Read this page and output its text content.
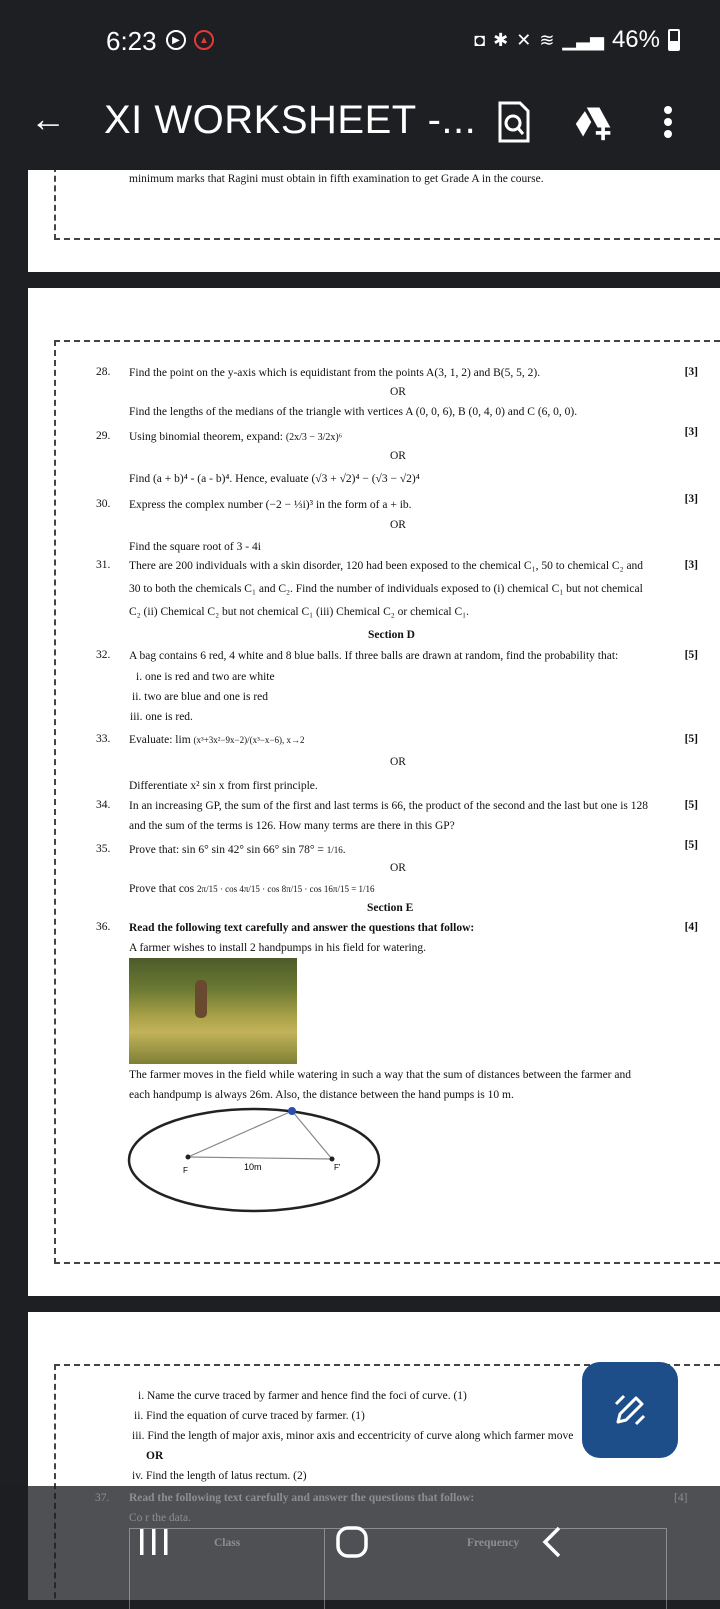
6:23	▶	▲	◘ ✱ ✕ ≋ ▁▃▅ 46%
← XI WORKSHEET -...
minimum marks that Ragini must obtain in fifth examination to get Grade A in the course.
28. Find the point on the y-axis which is equidistant from the points A(3, 1, 2) and B(5, 5, 2).	[3]
OR
Find the lengths of the medians of the triangle with vertices A (0, 0, 6), B (0, 4, 0) and C (6, 0, 0).
29. Using binomial theorem, expand: (2x/3 − 3/2x)⁶	[3]
OR
Find (a + b)⁴ - (a - b)⁴. Hence, evaluate (√3 + √2)⁴ − (√3 − √2)⁴
30. Express the complex number (−2 − ⅓i)³ in the form of a + ib.	[3]
OR
Find the square root of 3 - 4i
31. There are 200 individuals with a skin disorder, 120 had been exposed to the chemical C₁, 50 to chemical C₂ and	[3]
30 to both the chemicals C₁ and C₂. Find the number of individuals exposed to (i) chemical C₁ but not chemical
C₂ (ii) Chemical C₂ but not chemical C₁ (iii) Chemical C₂ or chemical C₁.
Section D
32. A bag contains 6 red, 4 white and 8 blue balls. If three balls are drawn at random, find the probability that:	[5]
i. one is red and two are white
ii. two are blue and one is red
iii. one is red.
33. Evaluate: lim (x³+3x²−9x−2)/(x³−x−6), x→2	[5]
OR
Differentiate x² sin x from first principle.
34. In an increasing GP, the sum of the first and last terms is 66, the product of the second and the last but one is 128	[5]
and the sum of the terms is 126. How many terms are there in this GP?
35. Prove that: sin 6° sin 42° sin 66° sin 78° = 1/16.	[5]
OR
Prove that cos 2π/15 · cos 4π/15 · cos 8π/15 · cos 16π/15 = 1/16
Section E
36. Read the following text carefully and answer the questions that follow:	[4]
A farmer wishes to install 2 handpumps in his field for watering.
The farmer moves in the field while watering in such a way that the sum of distances between the farmer and
each handpump is always 26m. Also, the distance between the hand pumps is 10 m.
F	F'
10m
i. Name the curve traced by farmer and hence find the foci of curve. (1)
ii. Find the equation of curve traced by farmer. (1)
iii. Find the length of major axis, minor axis and eccentricity of curve along which farmer move
OR
iv. Find the length of latus rectum. (2)
37. Read the following text carefully and answer the questions that follow:	[4]
Co r the data.
Class	Frequency
